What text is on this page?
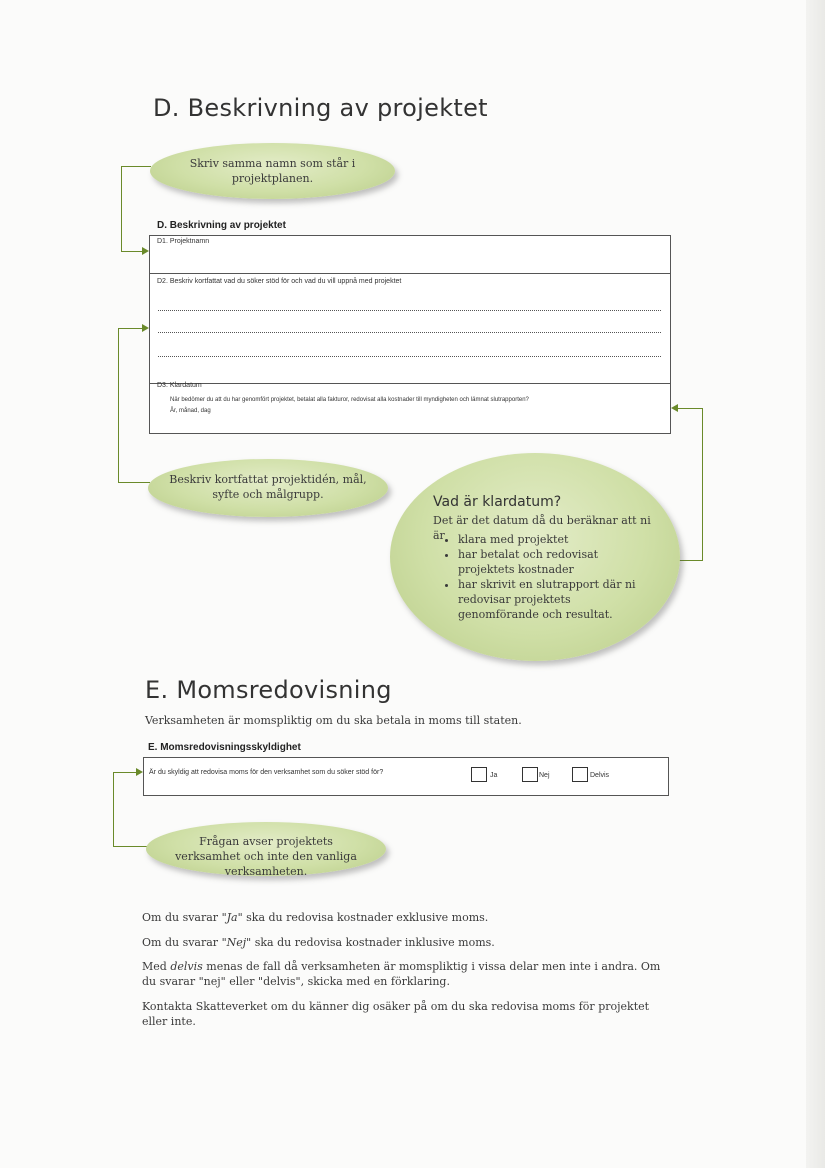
D. Beskrivning av projektet
Skriv samma namn som står i projektplanen.
D. Beskrivning av projektet
D1. Projektnamn
D2. Beskriv kortfattat vad du söker stöd för och vad du vill uppnå med projektet
D3. Klardatum
När bedömer du att du har genomfört projektet, betalat alla fakturor, redovisat alla kostnader till myndigheten och lämnat slutrapporten?
År, månad, dag
Beskriv kortfattat projektidén, mål, syfte och målgrupp.	Vad är klardatum?
Det är det datum då du beräknar att ni är
•	klara med projektet
• har betalat och redovisat projektets kostnader
• har skrivit en slutrapport där ni redovisar projektets genomförande och resultat.
E. Momsredovisning
Verksamheten är momspliktig om du ska betala in moms till staten.
E. Momsredovisningsskyldighet
Är du skyldig att redovisa moms för den verksamhet som du söker stöd för?	Ja	Nej	Delvis
Frågan avser projektets verksamhet och inte den vanliga verksamheten.
Om du svarar "Ja" ska du redovisa kostnader exklusive moms.
Om du svarar "Nej" ska du redovisa kostnader inklusive moms.
Med delvis menas de fall då verksamheten är momspliktig i vissa delar men inte i andra. Om du svarar "nej" eller "delvis", skicka med en förklaring.
Kontakta Skatteverket om du känner dig osäker på om du ska redovisa moms för projektet eller inte.
